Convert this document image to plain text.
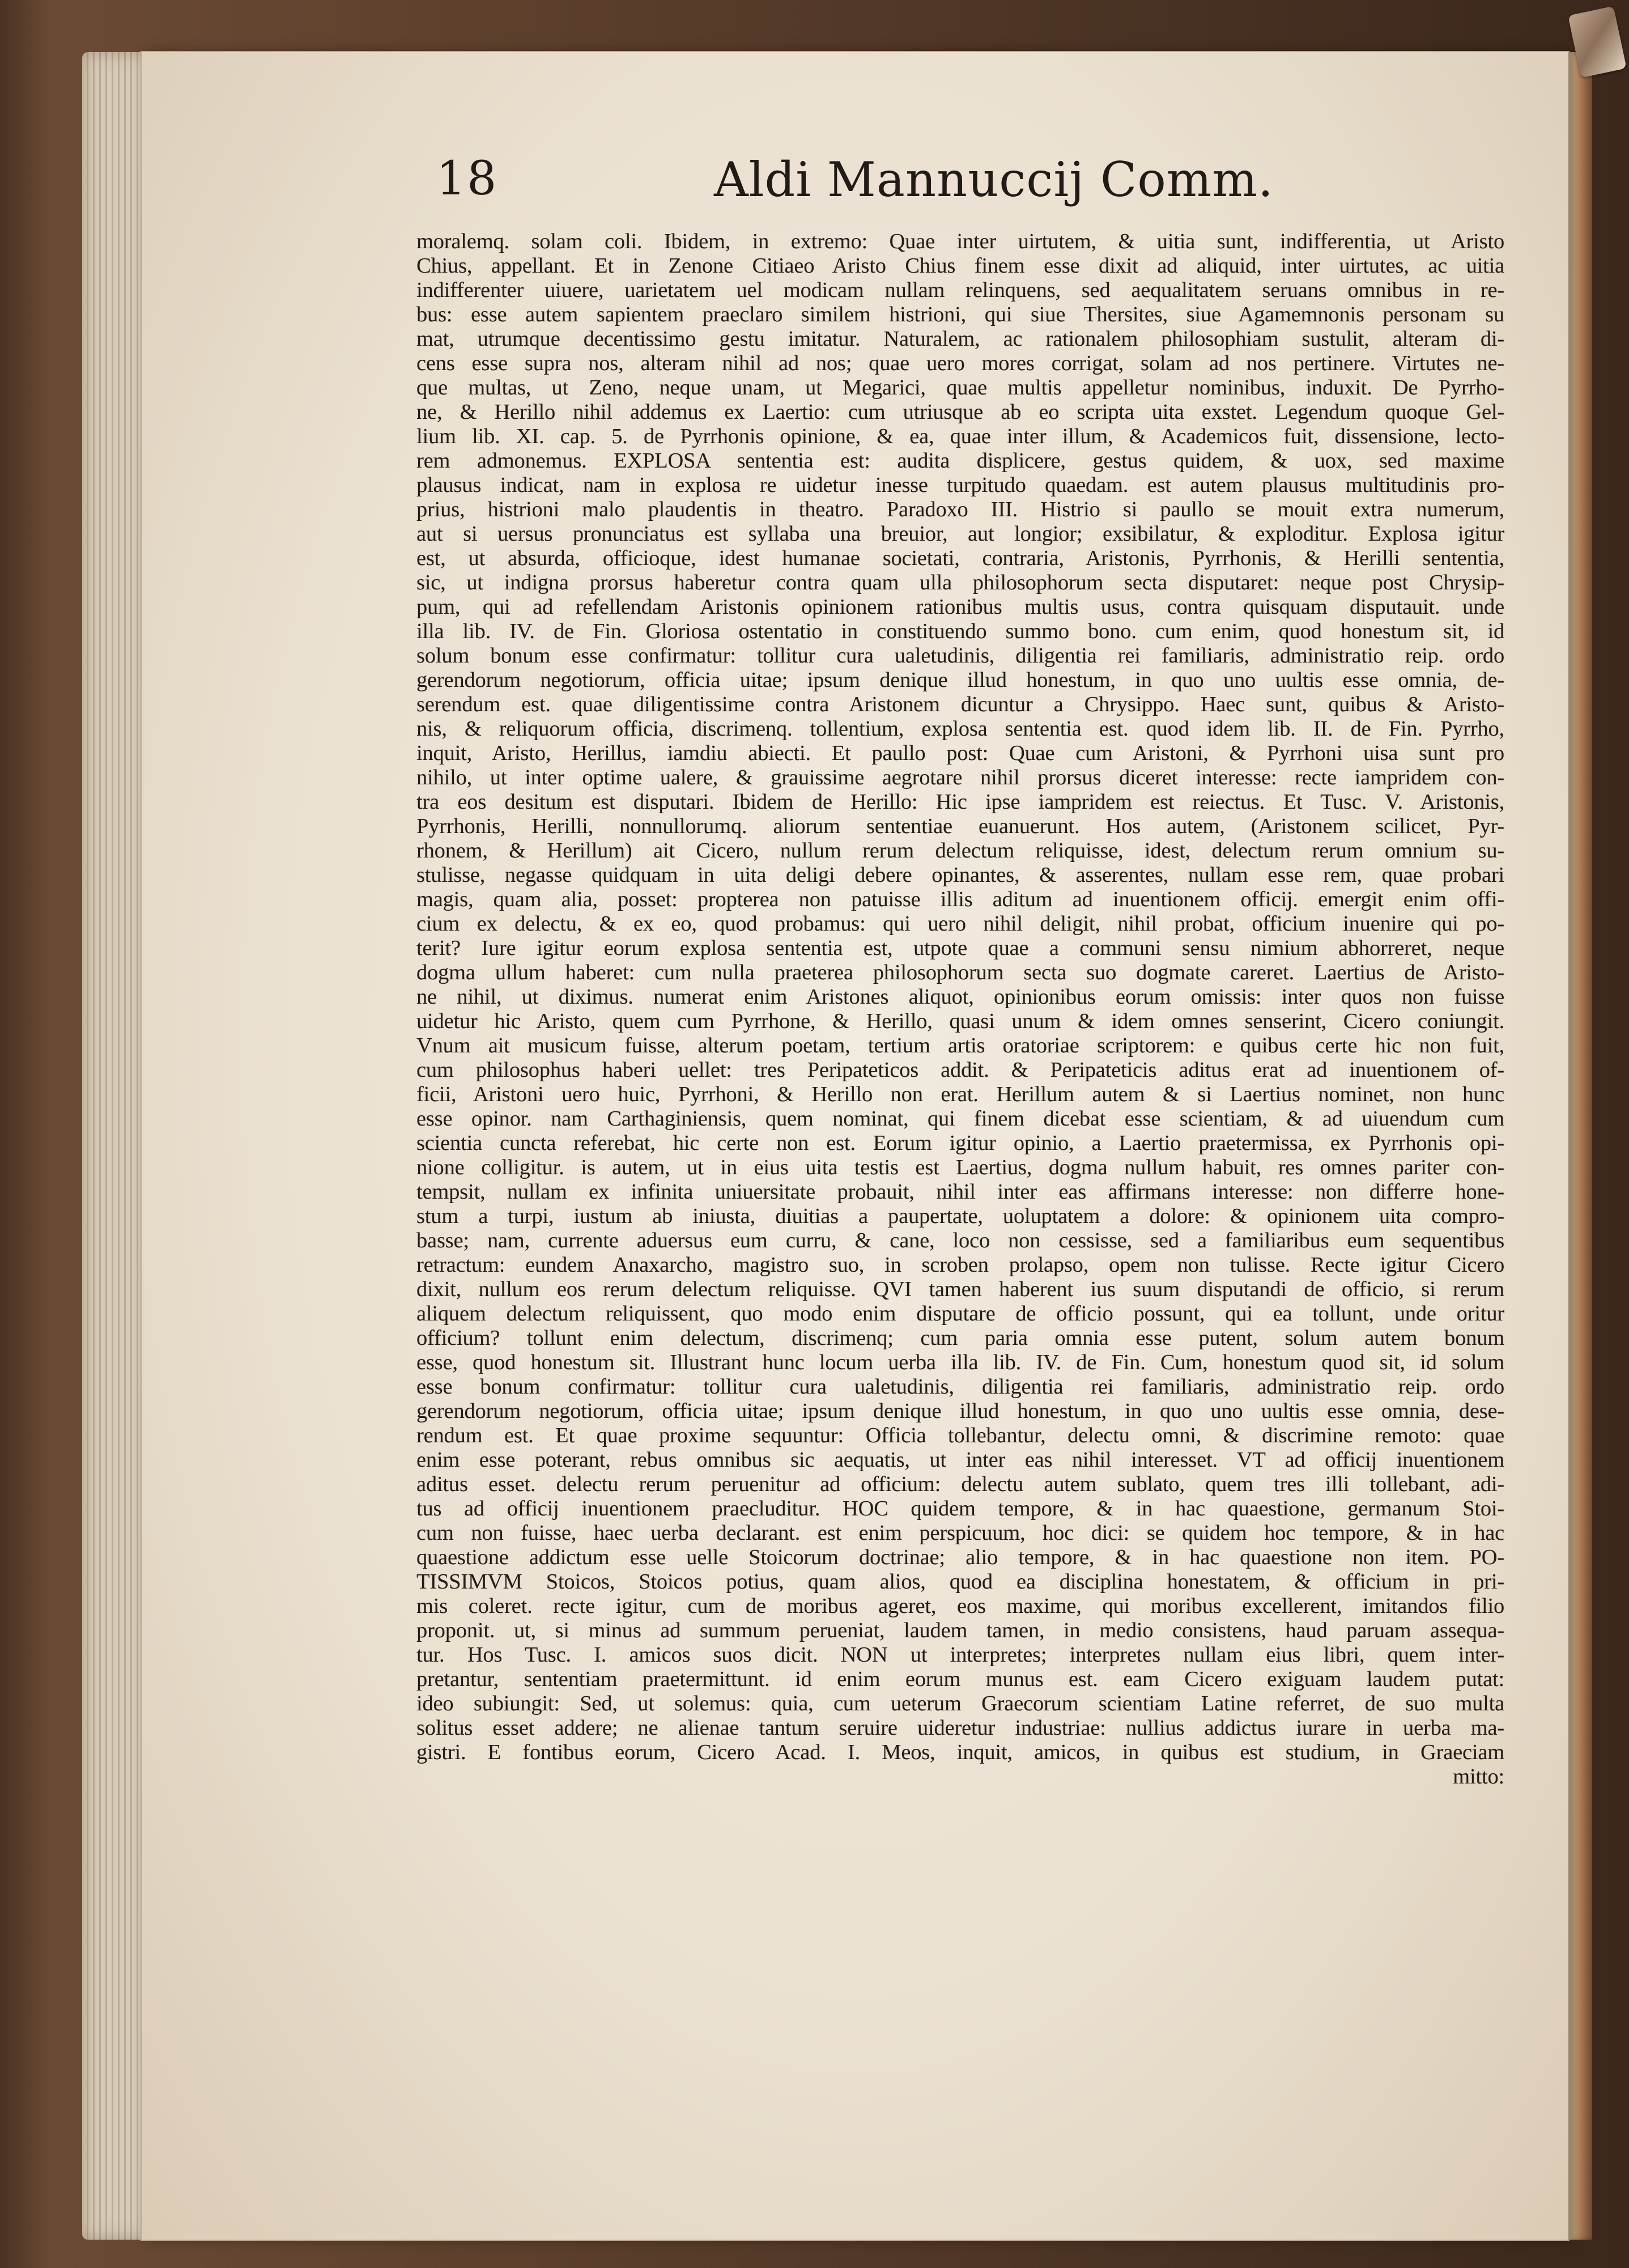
18	Aldi Mannuccij Comm.
moralemq. solam coli. Ibidem, in extremo: Quae inter uirtutem, & uitia sunt, indifferentia, ut Aristo
Chius, appellant. Et in Zenone Citiaeo Aristo Chius finem esse dixit ad aliquid, inter uirtutes, ac uitia
indifferenter uiuere, uarietatem uel modicam nullam relinquens, sed aequalitatem seruans omnibus in re-
bus: esse autem sapientem praeclaro similem histrioni, qui siue Thersites, siue Agamemnonis personam su
mat, utrumque decentissimo gestu imitatur. Naturalem, ac rationalem philosophiam sustulit, alteram di-
cens esse supra nos, alteram nihil ad nos; quae uero mores corrigat, solam ad nos pertinere. Virtutes ne-
que multas, ut Zeno, neque unam, ut Megarici, quae multis appelletur nominibus, induxit. De Pyrrho-
ne, & Herillo nihil addemus ex Laertio: cum utriusque ab eo scripta uita exstet. Legendum quoque Gel-
lium lib. XI. cap. 5. de Pyrrhonis opinione, & ea, quae inter illum, & Academicos fuit, dissensione, lecto-
rem admonemus. EXPLOSA sententia est: audita displicere, gestus quidem, & uox, sed maxime
plausus indicat, nam in explosa re uidetur inesse turpitudo quaedam. est autem plausus multitudinis pro-
prius, histrioni malo plaudentis in theatro. Paradoxo III. Histrio si paullo se mouit extra numerum,
aut si uersus pronunciatus est syllaba una breuior, aut longior; exsibilatur, & exploditur. Explosa igitur
est, ut absurda, officioque, idest humanae societati, contraria, Aristonis, Pyrrhonis, & Herilli sententia,
sic, ut indigna prorsus haberetur contra quam ulla philosophorum secta disputaret: neque post Chrysip-
pum, qui ad refellendam Aristonis opinionem rationibus multis usus, contra quisquam disputauit. unde
illa lib. IV. de Fin. Gloriosa ostentatio in constituendo summo bono. cum enim, quod honestum sit, id
solum bonum esse confirmatur: tollitur cura ualetudinis, diligentia rei familiaris, administratio reip. ordo
gerendorum negotiorum, officia uitae; ipsum denique illud honestum, in quo uno uultis esse omnia, de-
serendum est. quae diligentissime contra Aristonem dicuntur a Chrysippo. Haec sunt, quibus & Aristo-
nis, & reliquorum officia, discrimenq. tollentium, explosa sententia est. quod idem lib. II. de Fin. Pyrrho,
inquit, Aristo, Herillus, iamdiu abiecti. Et paullo post: Quae cum Aristoni, & Pyrrhoni uisa sunt pro
nihilo, ut inter optime ualere, & grauissime aegrotare nihil prorsus diceret interesse: recte iampridem con-
tra eos desitum est disputari. Ibidem de Herillo: Hic ipse iampridem est reiectus. Et Tusc. V. Aristonis,
Pyrrhonis, Herilli, nonnullorumq. aliorum sententiae euanuerunt. Hos autem, (Aristonem scilicet, Pyr-
rhonem, & Herillum) ait Cicero, nullum rerum delectum reliquisse, idest, delectum rerum omnium su-
stulisse, negasse quidquam in uita deligi debere opinantes, & asserentes, nullam esse rem, quae probari
magis, quam alia, posset: propterea non patuisse illis aditum ad inuentionem officij. emergit enim offi-
cium ex delectu, & ex eo, quod probamus: qui uero nihil deligit, nihil probat, officium inuenire qui po-
terit? Iure igitur eorum explosa sententia est, utpote quae a communi sensu nimium abhorreret, neque
dogma ullum haberet: cum nulla praeterea philosophorum secta suo dogmate careret. Laertius de Aristo-
ne nihil, ut diximus. numerat enim Aristones aliquot, opinionibus eorum omissis: inter quos non fuisse
uidetur hic Aristo, quem cum Pyrrhone, & Herillo, quasi unum & idem omnes senserint, Cicero coniungit.
Vnum ait musicum fuisse, alterum poetam, tertium artis oratoriae scriptorem: e quibus certe hic non fuit,
cum philosophus haberi uellet: tres Peripateticos addit. & Peripateticis aditus erat ad inuentionem of-
ficii, Aristoni uero huic, Pyrrhoni, & Herillo non erat. Herillum autem & si Laertius nominet, non hunc
esse opinor. nam Carthaginiensis, quem nominat, qui finem dicebat esse scientiam, & ad uiuendum cum
scientia cuncta referebat, hic certe non est. Eorum igitur opinio, a Laertio praetermissa, ex Pyrrhonis opi-
nione colligitur. is autem, ut in eius uita testis est Laertius, dogma nullum habuit, res omnes pariter con-
tempsit, nullam ex infinita uniuersitate probauit, nihil inter eas affirmans interesse: non differre hone-
stum a turpi, iustum ab iniusta, diuitias a paupertate, uoluptatem a dolore: & opinionem uita compro-
basse; nam, currente aduersus eum curru, & cane, loco non cessisse, sed a familiaribus eum sequentibus
retractum: eundem Anaxarcho, magistro suo, in scroben prolapso, opem non tulisse. Recte igitur Cicero
dixit, nullum eos rerum delectum reliquisse. QVI tamen haberent ius suum disputandi de officio, si rerum
aliquem delectum reliquissent, quo modo enim disputare de officio possunt, qui ea tollunt, unde oritur
officium? tollunt enim delectum, discrimenq; cum paria omnia esse putent, solum autem bonum
esse, quod honestum sit. Illustrant hunc locum uerba illa lib. IV. de Fin. Cum, honestum quod sit, id solum
esse bonum confirmatur: tollitur cura ualetudinis, diligentia rei familiaris, administratio reip. ordo
gerendorum negotiorum, officia uitae; ipsum denique illud honestum, in quo uno uultis esse omnia, dese-
rendum est. Et quae proxime sequuntur: Officia tollebantur, delectu omni, & discrimine remoto: quae
enim esse poterant, rebus omnibus sic aequatis, ut inter eas nihil interesset. VT ad officij inuentionem
aditus esset. delectu rerum peruenitur ad officium: delectu autem sublato, quem tres illi tollebant, adi-
tus ad officij inuentionem praecluditur. HOC quidem tempore, & in hac quaestione, germanum Stoi-
cum non fuisse, haec uerba declarant. est enim perspicuum, hoc dici: se quidem hoc tempore, & in hac
quaestione addictum esse uelle Stoicorum doctrinae; alio tempore, & in hac quaestione non item. PO-
TISSIMVM Stoicos, Stoicos potius, quam alios, quod ea disciplina honestatem, & officium in pri-
mis coleret. recte igitur, cum de moribus ageret, eos maxime, qui moribus excellerent, imitandos filio
proponit. ut, si minus ad summum perueniat, laudem tamen, in medio consistens, haud paruam assequa-
tur. Hos Tusc. I. amicos suos dicit. NON ut interpretes; interpretes nullam eius libri, quem inter-
pretantur, sententiam praetermittunt. id enim eorum munus est. eam Cicero exiguam laudem putat:
ideo subiungit: Sed, ut solemus: quia, cum ueterum Graecorum scientiam Latine referret, de suo multa
solitus esset addere; ne alienae tantum seruire uideretur industriae: nullius addictus iurare in uerba ma-
gistri. E fontibus eorum, Cicero Acad. I. Meos, inquit, amicos, in quibus est studium, in Graeciam
mitto:
